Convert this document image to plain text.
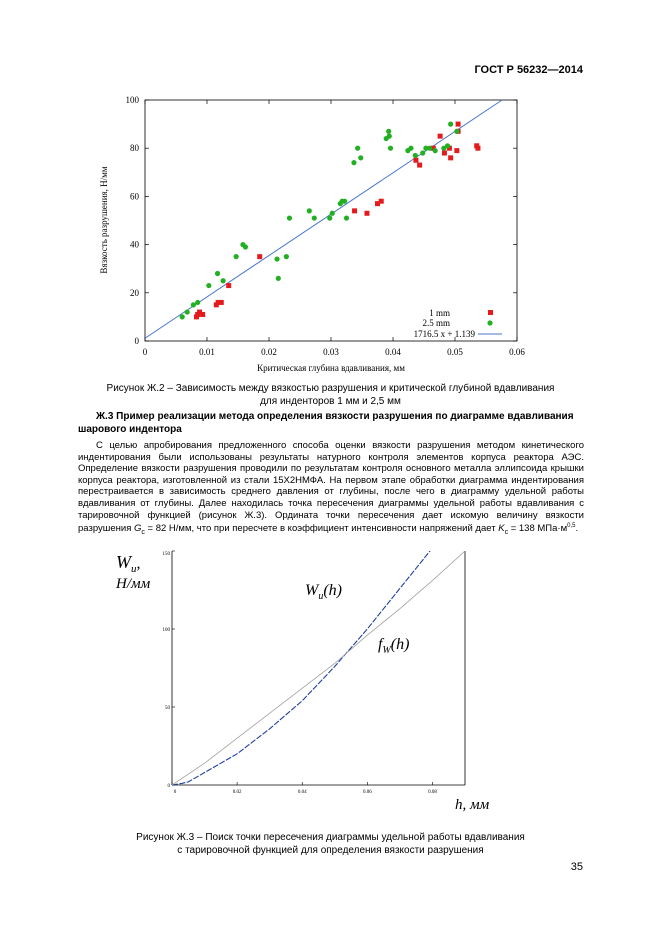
ГОСТ Р 56232—2014
0	0.01	0.02	0.03	0.04	0.05	0.06
0
20
40
60
80
100
1 mm
2.5 mm
1716.5 x + 1.139
Критическая глубина вдавливания, мм
Вязкость разрушения, Н/мм
Рисунок Ж.2 – Зависимость между вязкостью разрушения и критической глубиной вдавливания
для инденторов 1 мм и 2,5 мм
Ж.3 Пример реализации метода определения вязкости разрушения по диаграмме вдавливания шарового индентора

С целью апробирования предложенного способа оценки вязкости разрушения методом кинетического индентирования были использованы результаты натурного контроля элементов корпуса реактора АЭС. Определение вязкости разрушения проводили по результатам контроля основного металла эллипсоида крышки корпуса реактора, изготовленной из стали 15Х2НМФА. На первом этапе обработки диаграмма индентирования перестраивается в зависимость среднего давления от глубины, после чего в диаграмму удельной работы вдавливания от глубины. Далее находилась точка пересечения диаграммы удельной работы вдавливания с тарировочной функцией (рисунок Ж.3). Ордината точки пересечения дает искомую величину вязкости разрушения $G_c = 82$ Н/мм, что при пересчете в коэффициент интенсивности напряжений дает $K_c = 138$ $МПа\cdot м^{0,5}$.

0	0.02	0.04	0.06	0.08
0
50
100
150
$W_u$,
Н/мм
h, мм
$W_u(h)$
$f_W(h)$
Рисунок Ж.3 – Поиск точки пересечения диаграммы удельной работы вдавливания
с тарировочной функцией для определения вязкости разрушения
35
